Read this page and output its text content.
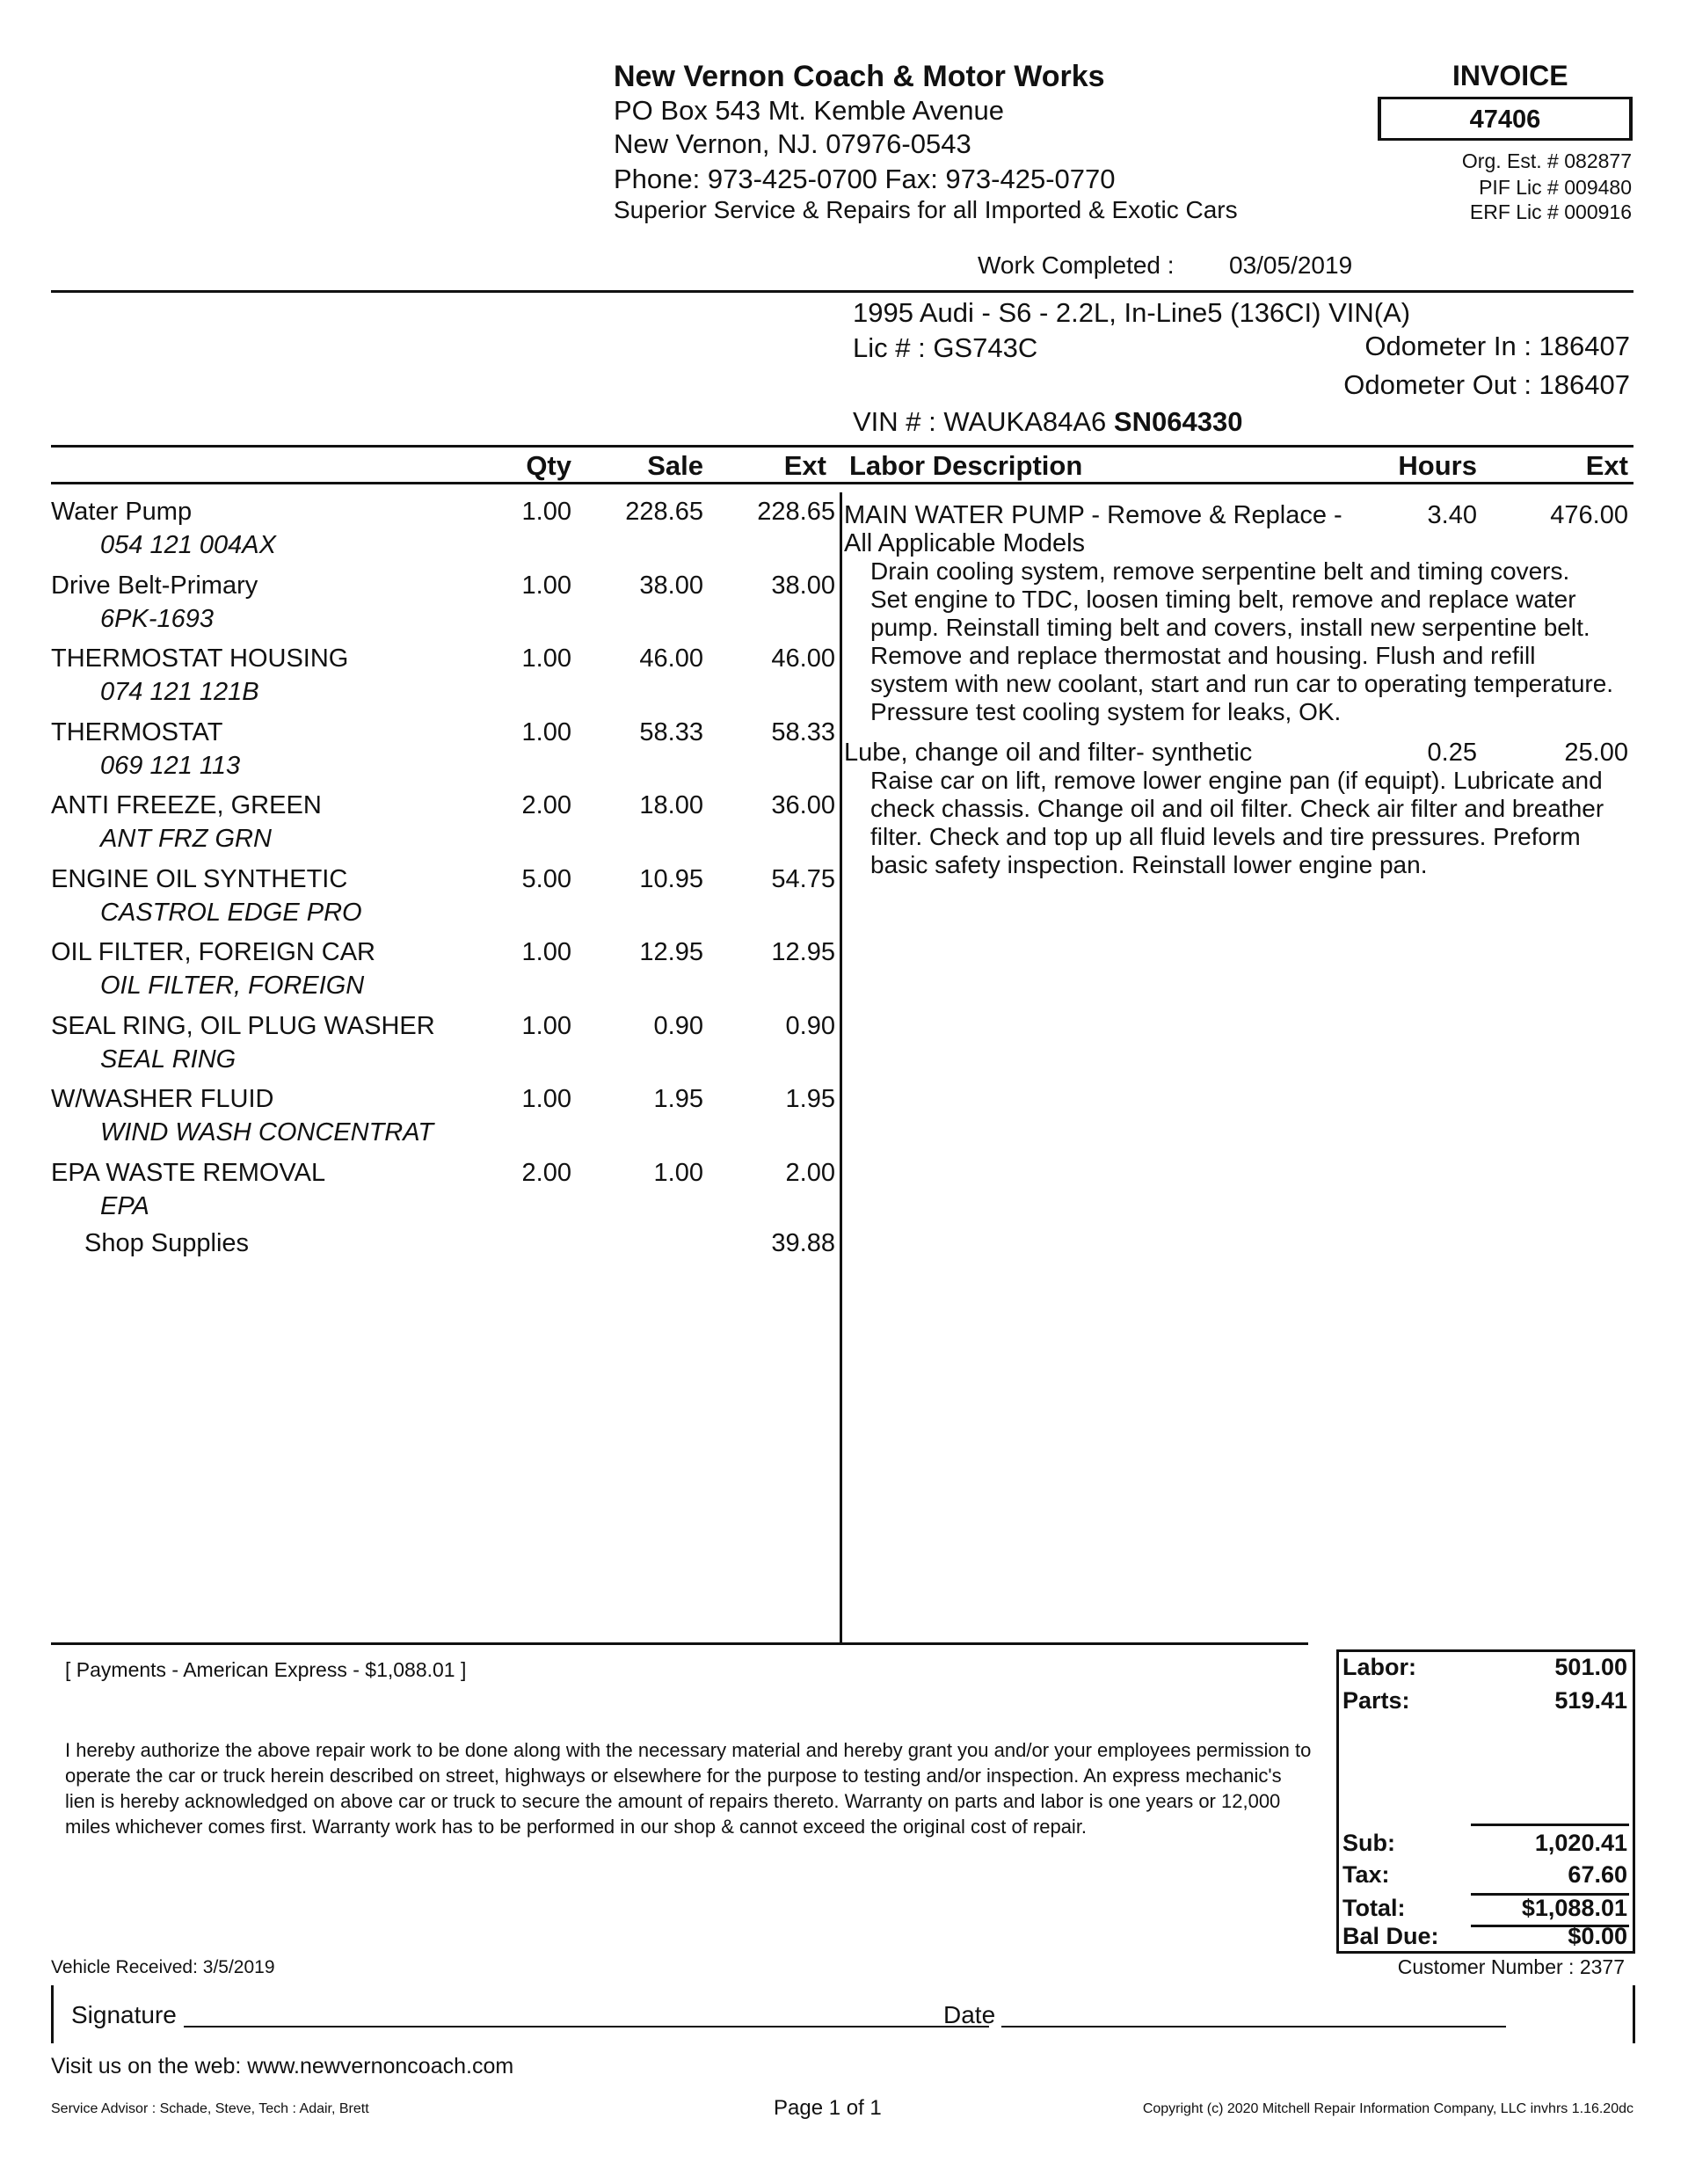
New Vernon Coach & Motor Works
PO Box 543 Mt. Kemble Avenue
New Vernon, NJ. 07976-0543
Phone: 973-425-0700 Fax: 973-425-0770
Superior Service & Repairs for all Imported & Exotic Cars
INVOICE
47406
Org. Est. # 082877
PIF Lic # 009480
ERF Lic # 000916
Work Completed : 03/05/2019
1995 Audi - S6 - 2.2L, In-Line5 (136CI) VIN(A)
Lic # : GS743C	Odometer In : 186407
Odometer Out : 186407
VIN # : WAUKA84A6 SN064330
Qty	Sale	Ext Labor Description	Hours	Ext
Water Pump
054 121 004AX
1.00	228.65	228.65
Drive Belt-Primary
6PK-1693
1.00	38.00	38.00
THERMOSTAT HOUSING
074 121 121B
1.00	46.00	46.00
THERMOSTAT
069 121 113
1.00	58.33	58.33
ANTI FREEZE, GREEN
ANT FRZ GRN
2.00	18.00	36.00
ENGINE OIL SYNTHETIC
CASTROL EDGE PRO
5.00	10.95	54.75
OIL FILTER, FOREIGN CAR
OIL FILTER, FOREIGN
1.00	12.95	12.95
SEAL RING, OIL PLUG WASHER
SEAL RING
1.00	0.90	0.90
W/WASHER FLUID
WIND WASH CONCENTRAT
1.00	1.95	1.95
EPA WASTE REMOVAL
EPA
2.00	1.00	2.00
Shop Supplies	39.88
MAIN WATER PUMP - Remove & Replace -	3.40	476.00
All Applicable Models
Drain cooling system, remove serpentine belt and timing covers.
Set engine to TDC, loosen timing belt, remove and replace water
pump. Reinstall timing belt and covers, install new serpentine belt.
Remove and replace thermostat and housing. Flush and refill
system with new coolant, start and run car to operating temperature.
Pressure test cooling system for leaks, OK.
Lube, change oil and filter- synthetic	0.25	25.00
Raise car on lift, remove lower engine pan (if equipt). Lubricate and
check chassis. Change oil and oil filter. Check air filter and breather
filter. Check and top up all fluid levels and tire pressures. Preform
basic safety inspection. Reinstall lower engine pan.
[ Payments - American Express - $1,088.01 ]
I hereby authorize the above repair work to be done along with the necessary material and hereby grant you and/or your employees permission to operate the car or truck herein described on street, highways or elsewhere for the purpose to testing and/or inspection. An express mechanic's lien is hereby acknowledged on above car or truck to secure the amount of repairs thereto. Warranty on parts and labor is one years or 12,000 miles whichever comes first. Warranty work has to be performed in our shop & cannot exceed the original cost of repair.
Labor:	501.00
Parts:	519.41
Sub:	1,020.41
Tax:	67.60
Total:	$1,088.01
Bal Due:	$0.00
Vehicle Received: 3/5/2019	Customer Number : 2377
Signature	Date
Visit us on the web: www.newvernoncoach.com
Service Advisor : Schade, Steve, Tech : Adair, Brett	Page 1 of 1	Copyright (c) 2020 Mitchell Repair Information Company, LLC invhrs 1.16.20dc
